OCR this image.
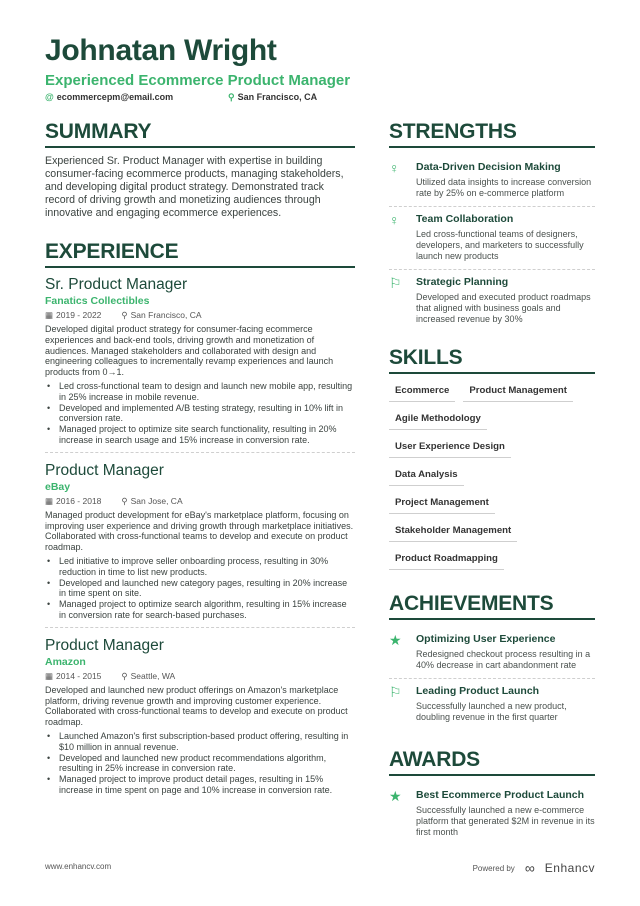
Johnatan Wright
Experienced Ecommerce Product Manager
@ ecommercepm@email.com	⚲ San Francisco, CA
SUMMARY
Experienced Sr. Product Manager with expertise in building consumer-facing ecommerce products, managing stakeholders, and developing digital product strategy. Demonstrated track record of driving growth and monetizing audiences through innovative and engaging ecommerce experiences.
EXPERIENCE
Sr. Product Manager
Fanatics Collectibles
▦ 2019 - 2022 ⚲ San Francisco, CA
Developed digital product strategy for consumer-facing ecommerce experiences and back-end tools, driving growth and monetization of audiences. Managed stakeholders and collaborated with design and engineering colleagues to incrementally revamp experiences and launch products from 0→1.
• Led cross-functional team to design and launch new mobile app, resulting in 25% increase in mobile revenue.
• Developed and implemented A/B testing strategy, resulting in 10% lift in conversion rate.
• Managed project to optimize site search functionality, resulting in 20% increase in search usage and 15% increase in conversion rate.
Product Manager
eBay
▦ 2016 - 2018 ⚲ San Jose, CA
Managed product development for eBay's marketplace platform, focusing on improving user experience and driving growth through marketplace initiatives. Collaborated with cross-functional teams to develop and execute on product roadmap.
• Led initiative to improve seller onboarding process, resulting in 30% reduction in time to list new products.
• Developed and launched new category pages, resulting in 20% increase in time spent on site.
• Managed project to optimize search algorithm, resulting in 15% increase in conversion rate for search-based purchases.
Product Manager
Amazon
▦ 2014 - 2015 ⚲ Seattle, WA
Developed and launched new product offerings on Amazon's marketplace platform, driving revenue growth and improving customer experience. Collaborated with cross-functional teams to develop and execute on product roadmap.
• Launched Amazon's first subscription-based product offering, resulting in $10 million in annual revenue.
• Developed and launched new product recommendations algorithm, resulting in 25% increase in conversion rate.
• Managed project to improve product detail pages, resulting in 15% increase in time spent on page and 10% increase in conversion rate.
STRENGTHS
♀	Data-Driven Decision Making
Utilized data insights to increase conversion rate by 25% on e-commerce platform
♀	Team Collaboration
Led cross-functional teams of designers, developers, and marketers to successfully launch new products
⚐	Strategic Planning
Developed and executed product roadmaps that aligned with business goals and increased revenue by 30%
SKILLS
Ecommerce	Product Management
Agile Methodology
User Experience Design
Data Analysis
Project Management
Stakeholder Management
Product Roadmapping
ACHIEVEMENTS
★	Optimizing User Experience
Redesigned checkout process resulting in a 40% decrease in cart abandonment rate
⚐	Leading Product Launch
Successfully launched a new product, doubling revenue in the first quarter
AWARDS
★	Best Ecommerce Product Launch
Successfully launched a new e-commerce platform that generated $2M in revenue in its first month
www.enhancv.com	Powered by ∞ Enhancv
